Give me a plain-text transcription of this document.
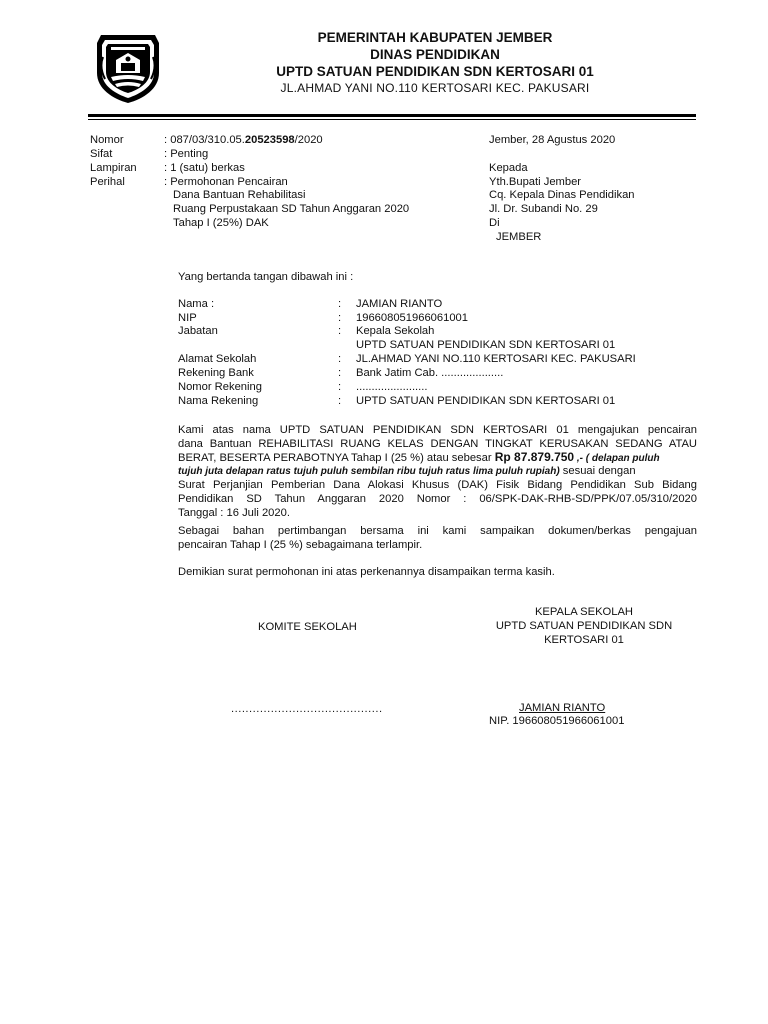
PEMERINTAH KABUPATEN JEMBER
DINAS PENDIDIKAN
UPTD SATUAN PENDIDIKAN SDN KERTOSARI 01
JL.AHMAD YANI NO.110 KERTOSARI KEC. PAKUSARI
Nomor	: 087/03/310.05.20523598/2020
Sifat	: Penting
Lampiran : 1 (satu) berkas
Perihal	: Permohonan Pencairan
Dana Bantuan Rehabilitasi
Ruang Perpustakaan SD Tahun Anggaran 2020
Tahap I (25%) DAK
Jember, 28 Agustus 2020
Kepada
Yth.Bupati Jember
Cq. Kepala Dinas Pendidikan
Jl. Dr. Subandi No. 29
Di
JEMBER
Yang bertanda tangan dibawah ini :
Nama :	: JAMIAN RIANTO
NIP	: 196608051966061001
Jabatan	: Kepala Sekolah
UPTD SATUAN PENDIDIKAN SDN KERTOSARI 01
Alamat Sekolah	: JL.AHMAD YANI NO.110 KERTOSARI KEC. PAKUSARI
Rekening Bank	: Bank Jatim Cab. ....................
Nomor Rekening	: .......................
Nama Rekening	: UPTD SATUAN PENDIDIKAN SDN KERTOSARI 01
Kami atas nama UPTD SATUAN PENDIDIKAN SDN KERTOSARI 01 mengajukan pencairan
dana Bantuan REHABILITASI RUANG KELAS DENGAN TINGKAT KERUSAKAN SEDANG ATAU
BERAT, BESERTA PERABOTNYA Tahap I (25 %) atau sebesar Rp 87.879.750 ,- ( delapan puluh
tujuh juta delapan ratus tujuh puluh sembilan ribu tujuh ratus lima puluh rupiah) sesuai dengan
Surat Perjanjian Pemberian Dana Alokasi Khusus (DAK) Fisik Bidang Pendidikan Sub Bidang
Pendidikan SD Tahun Anggaran 2020 Nomor : 06/SPK-DAK-RHB-SD/PPK/07.05/310/2020
Tanggal : 16 Juli 2020.
Sebagai bahan pertimbangan bersama ini kami sampaikan dokumen/berkas pengajuan
pencairan Tahap I (25 %) sebagaimana terlampir.
Demikian surat permohonan ini atas perkenannya disampaikan terma kasih.
KOMITE SEKOLAH
..........................................
KEPALA SEKOLAH
UPTD SATUAN PENDIDIKAN SDN
KERTOSARI 01
JAMIAN RIANTO
NIP. 196608051966061001
